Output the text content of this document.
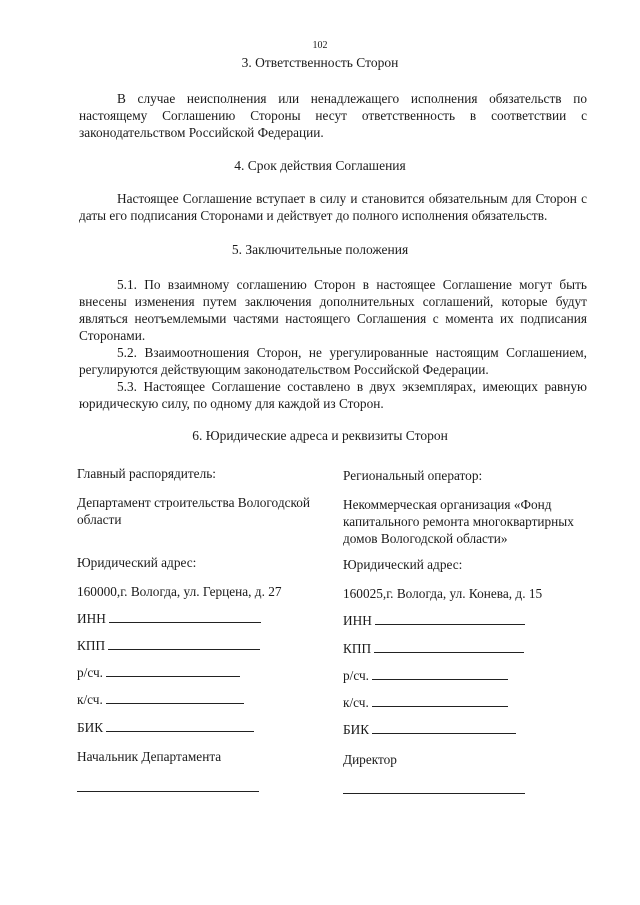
102
3. Ответственность Сторон

В случае неисполнения или ненадлежащего исполнения обязательств по настоящему Соглашению Стороны несут ответственность в соответствии с законодательством Российской Федерации.

4. Срок действия Соглашения

Настоящее Соглашение вступает в силу и становится обязательным для Сторон с даты его подписания Сторонами и действует до полного исполнения обязательств.

5. Заключительные положения

5.1. По взаимному соглашению Сторон в настоящее Соглашение могут быть внесены изменения путем заключения дополнительных соглашений, которые будут являться неотъемлемыми частями настоящего Соглашения с момента их подписания Сторонами.

5.2. Взаимоотношения Сторон, не урегулированные настоящим Соглашением, регулируются действующим законодательством Российской Федерации.

5.3. Настоящее Соглашение составлено в двух экземплярах, имеющих равную юридическую силу, по одному для каждой из Сторон.

6. Юридические адреса и реквизиты Сторон
Главный распорядитель:
Департамент строительства Вологодской области
Юридический адрес:
160000,г. Вологда, ул. Герцена, д. 27
ИНН
КПП
р/сч.
к/сч.
БИК
Начальник Департамента
Региональный оператор:
Некоммерческая организация «Фонд капитального ремонта многоквартирных домов Вологодской области»
Юридический адрес:
160025,г. Вологда, ул. Конева, д. 15
ИНН
КПП
р/сч.
к/сч.
БИК
Директор
